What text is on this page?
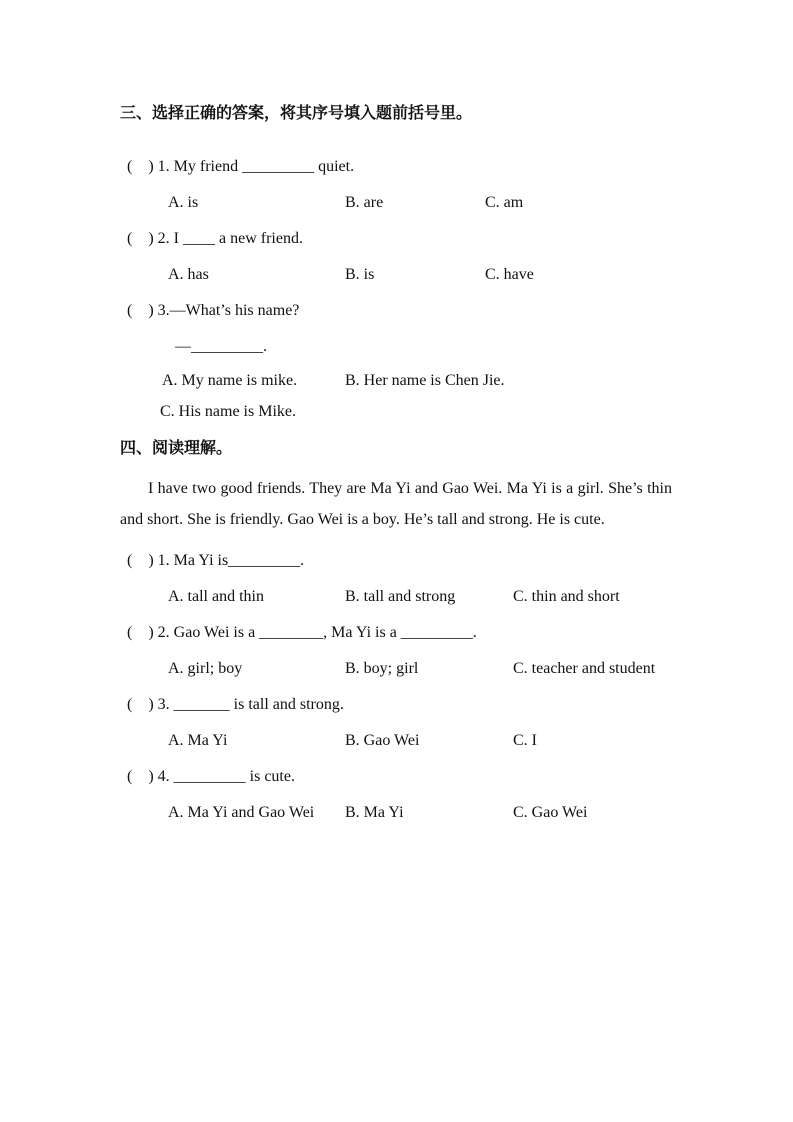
三、选择正确的答案，将其序号填入题前括号里。
(    ) 1. My friend _________ quiet.
A. is	B. are	C. am
(    ) 2. I ____ a new friend.
A. has	B. is	C. have
(    ) 3.—What’s his name?
—_________.
A. My name is mike.	B. Her name is Chen Jie.
C. His name is Mike.
四、阅读理解。
I have two good friends. They are Ma Yi and Gao Wei. Ma Yi is a girl. She’s thin and short. She is friendly. Gao Wei is a boy. He’s tall and strong. He is cute.
(    ) 1. Ma Yi is_________.
A. tall and thin	B. tall and strong	C. thin and short
(    ) 2. Gao Wei is a ________, Ma Yi is a _________.
A. girl; boy	B. boy; girl	C. teacher and student
(    ) 3. _______ is tall and strong.
A. Ma Yi	B. Gao Wei	C. I
(    ) 4. _________ is cute.
A. Ma Yi and Gao Wei	B. Ma Yi	C. Gao Wei
